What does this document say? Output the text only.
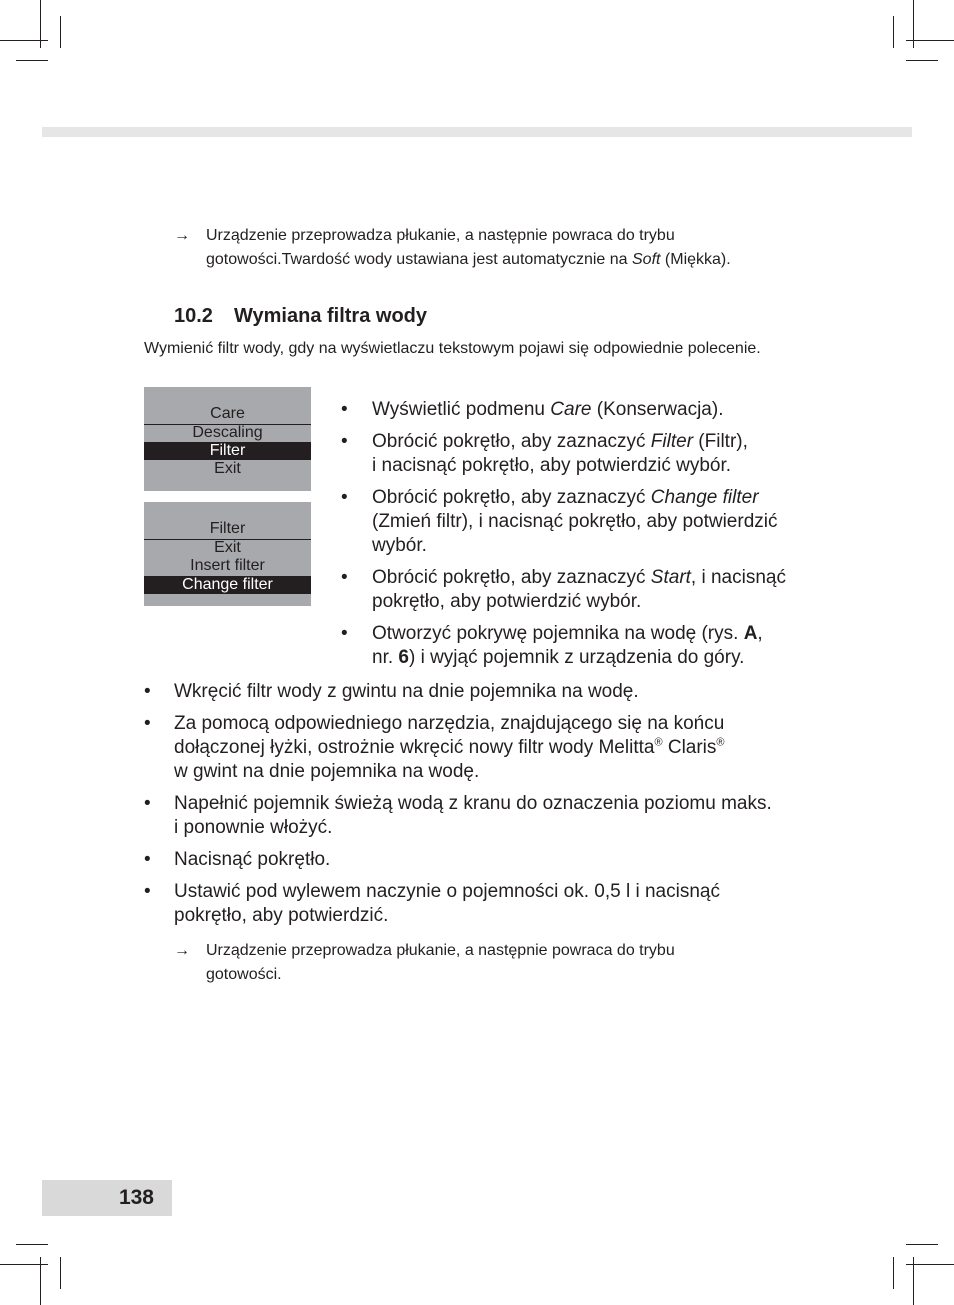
→ Urządzenie przeprowadza płukanie, a następnie powraca do trybu
gotowości.Twardość wody ustawiana jest automatycznie na Soft (Miękka).
10.2 Wymiana filtra wody
Wymienić filtr wody, gdy na wyświetlaczu tekstowym pojawi się odpowiednie polecenie.
Care
Descaling
Filter
Exit
Filter
Exit
Insert filter
Change filter
• Wyświetlić podmenu Care (Konserwacja).
• Obrócić pokrętło, aby zaznaczyć Filter (Filtr),
i nacisnąć pokrętło, aby potwierdzić wybór.
• Obrócić pokrętło, aby zaznaczyć Change filter
(Zmień filtr), i nacisnąć pokrętło, aby potwierdzić
wybór.
• Obrócić pokrętło, aby zaznaczyć Start, i nacisnąć
pokrętło, aby potwierdzić wybór.
• Otworzyć pokrywę pojemnika na wodę (rys. A,
nr. 6) i wyjąć pojemnik z urządzenia do góry.
• Wkręcić filtr wody z gwintu na dnie pojemnika na wodę.
• Za pomocą odpowiedniego narzędzia, znajdującego się na końcu
dołączonej łyżki, ostrożnie wkręcić nowy filtr wody Melitta® Claris®
w gwint na dnie pojemnika na wodę.
• Napełnić pojemnik świeżą wodą z kranu do oznaczenia poziomu maks.
i ponownie włożyć.
• Nacisnąć pokrętło.
• Ustawić pod wylewem naczynie o pojemności ok. 0,5 l i nacisnąć
pokrętło, aby potwierdzić.
→ Urządzenie przeprowadza płukanie, a następnie powraca do trybu
gotowości.
138
